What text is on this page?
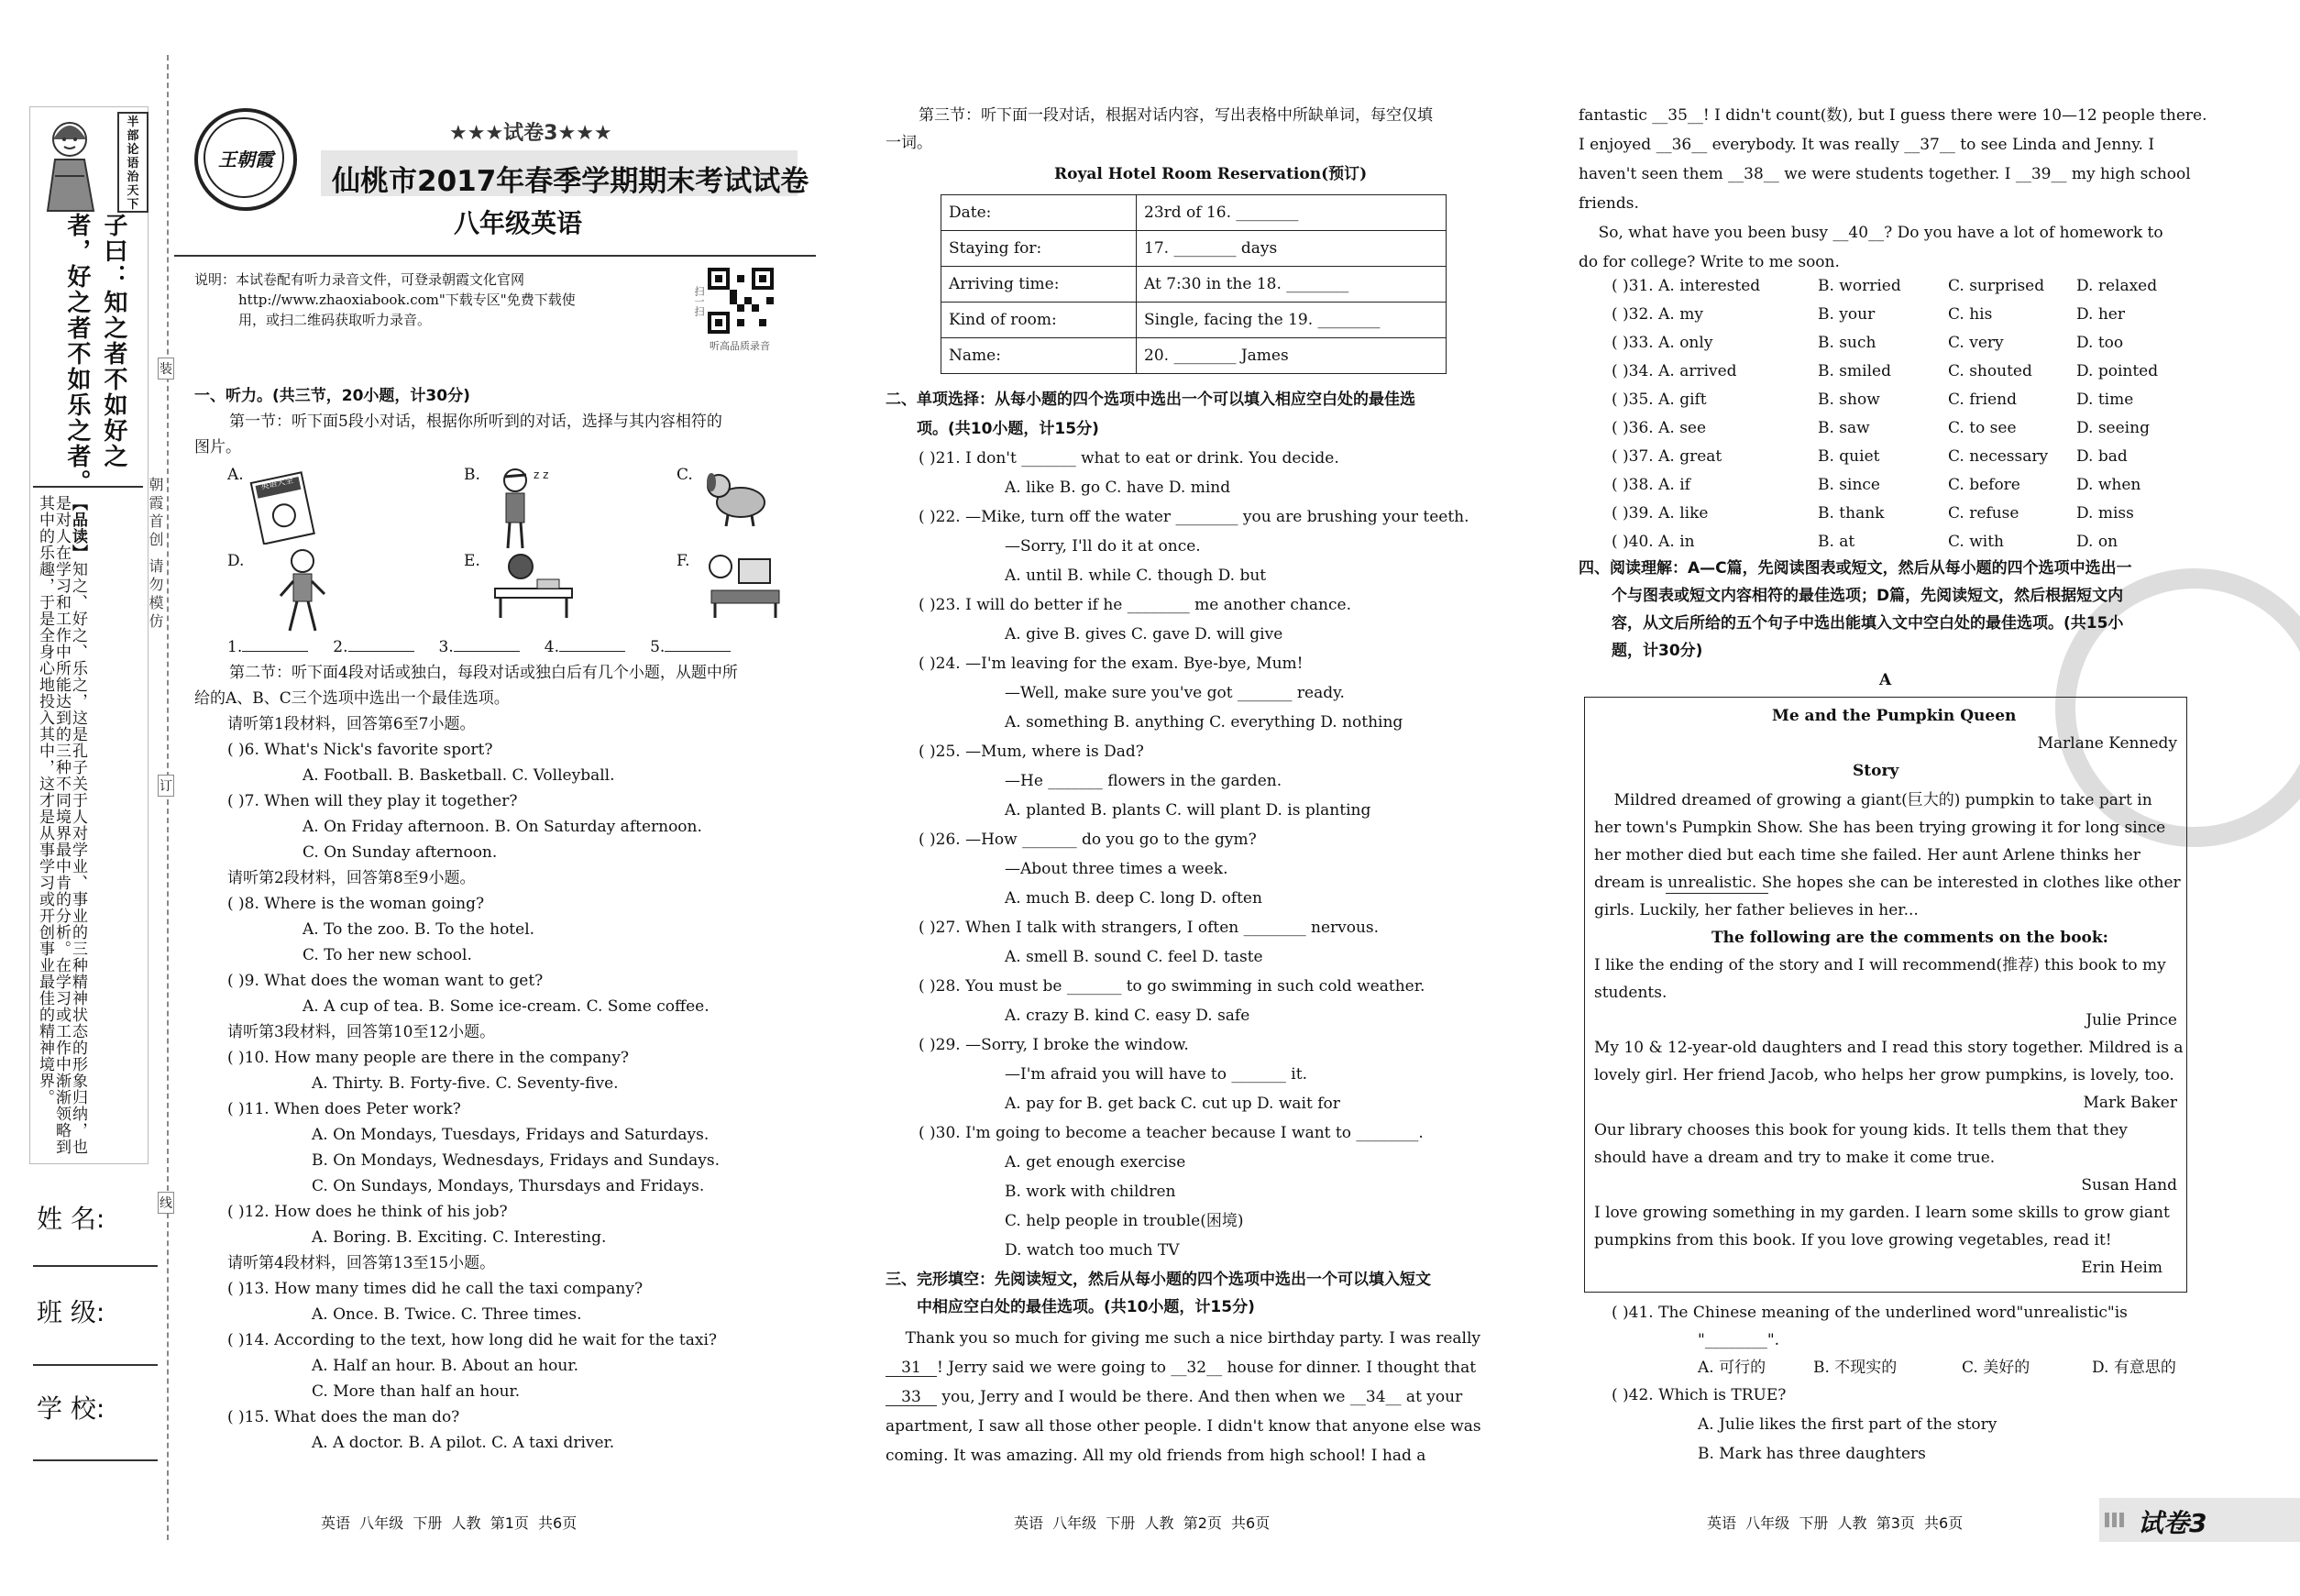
半
部
论
语
治
天
下
子曰：知之者不如好之者，好之者不如乐之者。
【品读】知之、好之、乐之，这是孔子关于人对学业、事业的三种精神状态的形象归纳，也是对人在学习和工作中所能达到的三种不同境界最中肯的分析。在学习或工作中渐渐领略到其中的乐趣，于是全身心地投入其中，这才是从事学习或开创事业最佳的精神境界。
装
订
线
朝霞首创 请勿模仿
姓 名:
班 级:
学 校:
王朝霞
★★★试卷3★★★
仙桃市2017年春季学期期末考试试卷
八年级英语
说明：本试卷配有听力录音文件，可登录朝霞文化官网
http://www.zhaoxiabook.com"下载专区"免费下载使
用，或扫二维码获取听力录音。
扫一扫
听高品质录音
一、听力。(共三节，20小题，计30分)
第一节：听下面5段小对话，根据你所听到的对话，选择与其内容相符的
图片。
A. 英语大全	B.	z z	C.
D.	E.	F.
1.	2.	3.	4.	5.
第二节：听下面4段对话或独白，每段对话或独白后有几个小题，从题中所
给的A、B、C三个选项中选出一个最佳选项。
请听第1段材料，回答第6至7小题。
( )6. What's Nick's favorite sport?
A. Football. B. Basketball. C. Volleyball.
( )7. When will they play it together?
A. On Friday afternoon. B. On Saturday afternoon.
C. On Sunday afternoon.
请听第2段材料，回答第8至9小题。
( )8. Where is the woman going?
A. To the zoo. B. To the hotel.
C. To her new school.
( )9. What does the woman want to get?
A. A cup of tea. B. Some ice-cream. C. Some coffee.
请听第3段材料，回答第10至12小题。
( )10. How many people are there in the company?
A. Thirty. B. Forty-five. C. Seventy-five.
( )11. When does Peter work?
A. On Mondays, Tuesdays, Fridays and Saturdays.
B. On Mondays, Wednesdays, Fridays and Sundays.
C. On Sundays, Mondays, Thursdays and Fridays.
( )12. How does he think of his job?
A. Boring. B. Exciting. C. Interesting.
请听第4段材料，回答第13至15小题。
( )13. How many times did he call the taxi company?
A. Once. B. Twice. C. Three times.
( )14. According to the text, how long did he wait for the taxi?
A. Half an hour. B. About an hour.
C. More than half an hour.
( )15. What does the man do?
A. A doctor. B. A pilot. C. A taxi driver.
英语  八年级  下册  人教  第1页  共6页
第三节：听下面一段对话，根据对话内容，写出表格中所缺单词，每空仅填
一词。
Royal Hotel Room Reservation(预订)
Date:	23rd of 16. ________
Staying for:	17. ________ days
Arriving time:	At 7:30 in the 18. ________
Kind of room:	Single, facing the 19. ________
Name:	20. ________ James
二、单项选择：从每小题的四个选项中选出一个可以填入相应空白处的最佳选
项。(共10小题，计15分)
( )21. I don't _______ what to eat or drink. You decide.
A. like B. go C. have D. mind
( )22. —Mike, turn off the water ________ you are brushing your teeth.
—Sorry, I'll do it at once.
A. until B. while C. though D. but
( )23. I will do better if he ________ me another chance.
A. give B. gives C. gave D. will give
( )24. —I'm leaving for the exam. Bye-bye, Mum!
—Well, make sure you've got _______ ready.
A. something B. anything C. everything D. nothing
( )25. —Mum, where is Dad?
—He _______ flowers in the garden.
A. planted B. plants C. will plant D. is planting
( )26. —How _______ do you go to the gym?
—About three times a week.
A. much B. deep C. long D. often
( )27. When I talk with strangers, I often ________ nervous.
A. smell B. sound C. feel D. taste
( )28. You must be _______ to go swimming in such cold weather.
A. crazy B. kind C. easy D. safe
( )29. —Sorry, I broke the window.
—I'm afraid you will have to _______ it.
A. pay for B. get back C. cut up D. wait for
( )30. I'm going to become a teacher because I want to ________.
A. get enough exercise
B. work with children
C. help people in trouble(困境)
D. watch too much TV
三、完形填空：先阅读短文，然后从每小题的四个选项中选出一个可以填入短文
中相应空白处的最佳选项。(共10小题，计15分)
Thank you so much for giving me such a nice birthday party. I was really
31 ! Jerry said we were going to __32__ house for dinner. I thought that
33 you, Jerry and I would be there. And then when we __34__ at your
apartment, I saw all those other people. I didn't know that anyone else was
coming. It was amazing. All my old friends from high school! I had a
英语  八年级  下册  人教  第2页  共6页
fantastic __35__! I didn't count(数), but I guess there were 10—12 people there.
I enjoyed __36__ everybody. It was really __37__ to see Linda and Jenny. I
haven't seen them __38__ we were students together. I __39__ my high school
friends.
So, what have you been busy __40__? Do you have a lot of homework to
do for college? Write to me soon.
( )31. A. interested	B. worried	C. surprised D. relaxed
( )32. A. my	B. your	C. his	D. her
( )33. A. only	B. such	C. very	D. too
( )34. A. arrived	B. smiled	C. shouted	D. pointed
( )35. A. gift	B. show	C. friend	D. time
( )36. A. see	B. saw	C. to see	D. seeing
( )37. A. great	B. quiet	C. necessary D. bad
( )38. A. if	B. since	C. before	D. when
( )39. A. like	B. thank	C. refuse	D. miss
( )40. A. in	B. at	C. with	D. on
四、阅读理解：A—C篇，先阅读图表或短文，然后从每小题的四个选项中选出一
个与图表或短文内容相符的最佳选项；D篇，先阅读短文，然后根据短文内
容，从文后所给的五个句子中选出能填入文中空白处的最佳选项。(共15小
题，计30分)
A
Me and the Pumpkin Queen
Marlane Kennedy
Story
Mildred dreamed of growing a giant(巨大的) pumpkin to take part in
her town's Pumpkin Show. She has been trying growing it for long since
her mother died but each time she failed. Her aunt Arlene thinks her
dream is unrealistic. She hopes she can be interested in clothes like other
girls. Luckily, her father believes in her...
The following are the comments on the book:
I like the ending of the story and I will recommend(推荐) this book to my
students.
Julie Prince
My 10 & 12-year-old daughters and I read this story together. Mildred is a
lovely girl. Her friend Jacob, who helps her grow pumpkins, is lovely, too.
Mark Baker
Our library chooses this book for young kids. It tells them that they
should have a dream and try to make it come true.
Susan Hand
I love growing something in my garden. I learn some skills to grow giant
pumpkins from this book. If you love growing vegetables, read it!
Erin Heim
( )41. The Chinese meaning of the underlined word"unrealistic"is
"________".
A. 可行的	B. 不现实的	C. 美好的	D. 有意思的
( )42. Which is TRUE?
A. Julie likes the first part of the story
B. Mark has three daughters
英语  八年级  下册  人教  第3页  共6页	试卷3
